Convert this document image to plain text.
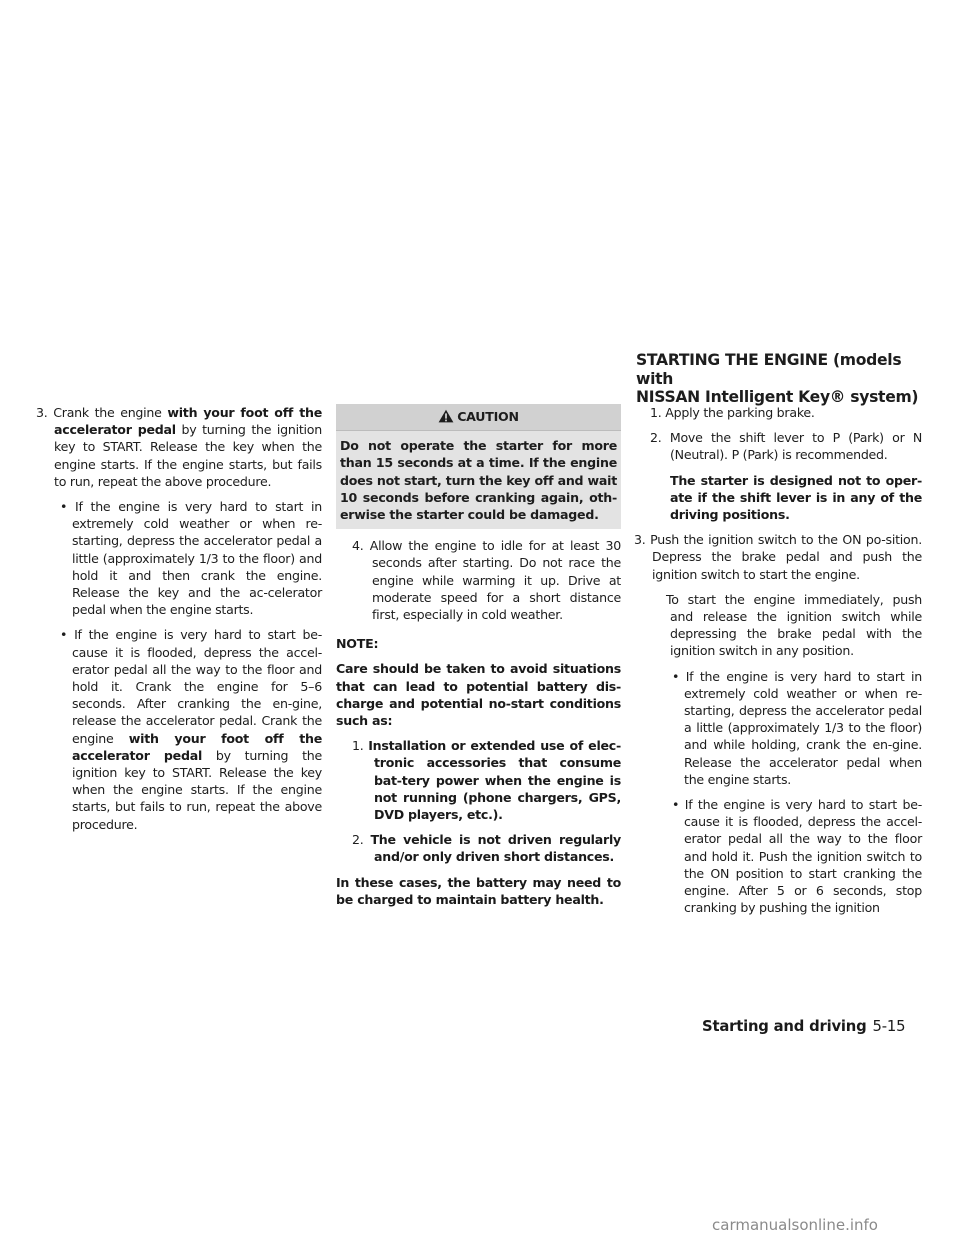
STARTING THE ENGINE (models with
NISSAN Intelligent Key® system)

3. Crank the engine with your foot off the accelerator pedal by turning the ignition key to START. Release the key when the engine starts. If the engine starts, but fails to run, repeat the above procedure.

• If the engine is very hard to start in extremely cold weather or when re-starting, depress the accelerator pedal a little (approximately 1/3 to the floor) and hold it and then crank the engine. Release the key and the ac-celerator pedal when the engine starts.

• If the engine is very hard to start be-cause it is flooded, depress the accel-erator pedal all the way to the floor and hold it. Crank the engine for 5–6 seconds. After cranking the en-gine, release the accelerator pedal. Crank the engine with your foot off the accelerator pedal by turning the ignition key to START. Release the key when the engine starts. If the engine starts, but fails to run, repeat the above procedure.

CAUTION
Do not operate the starter for more than 15 seconds at a time. If the engine does not start, turn the key off and wait 10 seconds before cranking again, oth-erwise the starter could be damaged.

4. Allow the engine to idle for at least 30 seconds after starting. Do not race the engine while warming it up. Drive at moderate speed for a short distance first, especially in cold weather.

NOTE:

Care should be taken to avoid situations that can lead to potential battery dis-charge and potential no-start conditions such as:

1. Installation or extended use of elec-tronic accessories that consume bat-tery power when the engine is not running (phone chargers, GPS, DVD players, etc.).

2. The vehicle is not driven regularly and/or only driven short distances.

In these cases, the battery may need to be charged to maintain battery health.

1. Apply the parking brake.

2. Move the shift lever to P (Park) or N (Neutral). P (Park) is recommended.

The starter is designed not to oper-ate if the shift lever is in any of the driving positions.

3. Push the ignition switch to the ON po-sition. Depress the brake pedal and push the ignition switch to start the engine.

To start the engine immediately, push and release the ignition switch while depressing the brake pedal with the ignition switch in any position.

• If the engine is very hard to start in extremely cold weather or when re-starting, depress the accelerator pedal a little (approximately 1/3 to the floor) and while holding, crank the en-gine. Release the accelerator pedal when the engine starts.

• If the engine is very hard to start be-cause it is flooded, depress the accel-erator pedal all the way to the floor and hold it. Push the ignition switch to the ON position to start cranking the engine. After 5 or 6 seconds, stop cranking by pushing the ignition

Starting and driving 5-15
carmanualsonline.info
